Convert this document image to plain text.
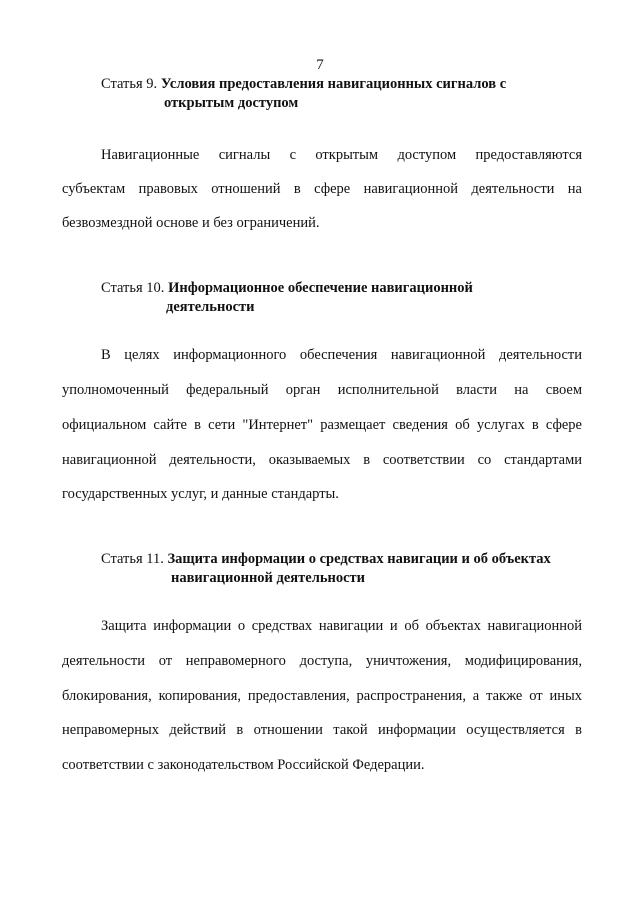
7
Статья 9. Условия предоставления навигационных сигналов с
открытым доступом
Навигационные сигналы с открытым доступом предоставляются
субъектам правовых отношений в сфере навигационной деятельности на
безвозмездной основе и без ограничений.
Статья 10. Информационное обеспечение навигационной
деятельности
В целях информационного обеспечения навигационной деятельности
уполномоченный федеральный орган исполнительной власти на своем
официальном сайте в сети "Интернет" размещает сведения об услугах в сфере
навигационной деятельности, оказываемых в соответствии со стандартами
государственных услуг, и данные стандарты.
Статья 11. Защита информации о средствах навигации и об объектах
навигационной деятельности
Защита информации о средствах навигации и об объектах навигационной
деятельности от неправомерного доступа, уничтожения, модифицирования,
блокирования, копирования, предоставления, распространения, а также от иных
неправомерных действий в отношении такой информации осуществляется в
соответствии с законодательством Российской Федерации.
